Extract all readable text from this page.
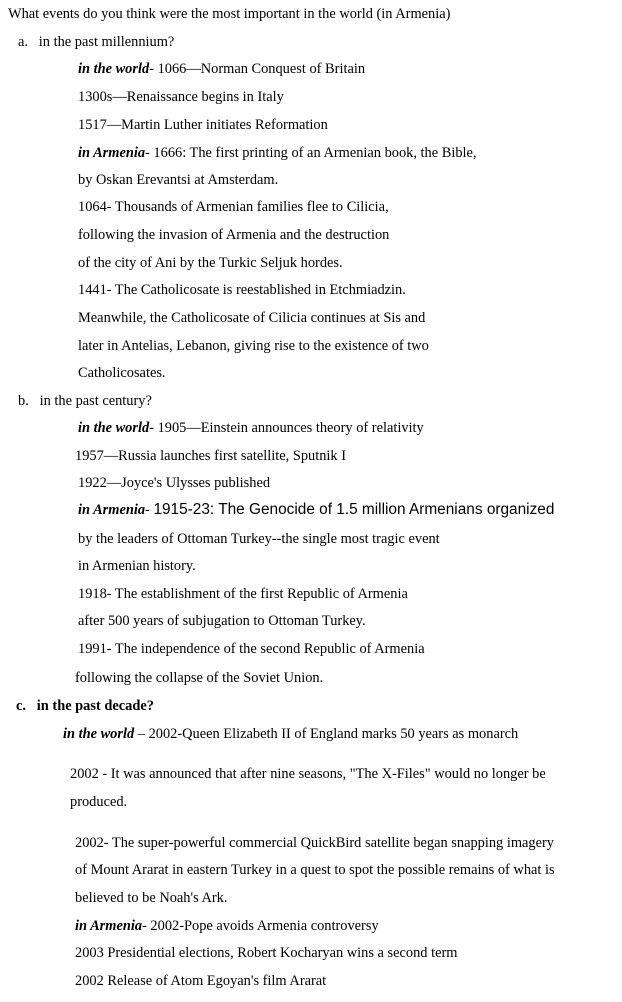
What events do you think were the most important in the world (in Armenia)
a. in the past millennium?
in the world- 1066—Norman Conquest of Britain
1300s—Renaissance begins in Italy
1517—Martin Luther initiates Reformation
in Armenia- 1666: The first printing of an Armenian book, the Bible,
by Oskan Erevantsi at Amsterdam.
1064- Thousands of Armenian families flee to Cilicia,
following the invasion of Armenia and the destruction
of the city of Ani by the Turkic Seljuk hordes.
1441- The Catholicosate is reestablished in Etchmiadzin.
Meanwhile, the Catholicosate of Cilicia continues at Sis and
later in Antelias, Lebanon, giving rise to the existence of two
Catholicosates.
b. in the past century?
in the world- 1905—Einstein announces theory of relativity
1957—Russia launches first satellite, Sputnik I
1922—Joyce's Ulysses published
in Armenia- 1915-23: The Genocide of 1.5 million Armenians organized
by the leaders of Ottoman Turkey--the single most tragic event
in Armenian history.
1918- The establishment of the first Republic of Armenia
after 500 years of subjugation to Ottoman Turkey.
1991- The independence of the second Republic of Armenia
following the collapse of the Soviet Union.
c. in the past decade?
in the world – 2002-Queen Elizabeth II of England marks 50 years as monarch
2002 - It was announced that after nine seasons, "The X-Files" would no longer be
produced.
2002- The super-powerful commercial QuickBird satellite began snapping imagery
of Mount Ararat in eastern Turkey in a quest to spot the possible remains of what is
believed to be Noah's Ark.
in Armenia- 2002-Pope avoids Armenia controversy
2003 Presidential elections, Robert Kocharyan wins a second term
2002 Release of Atom Egoyan's film Ararat
